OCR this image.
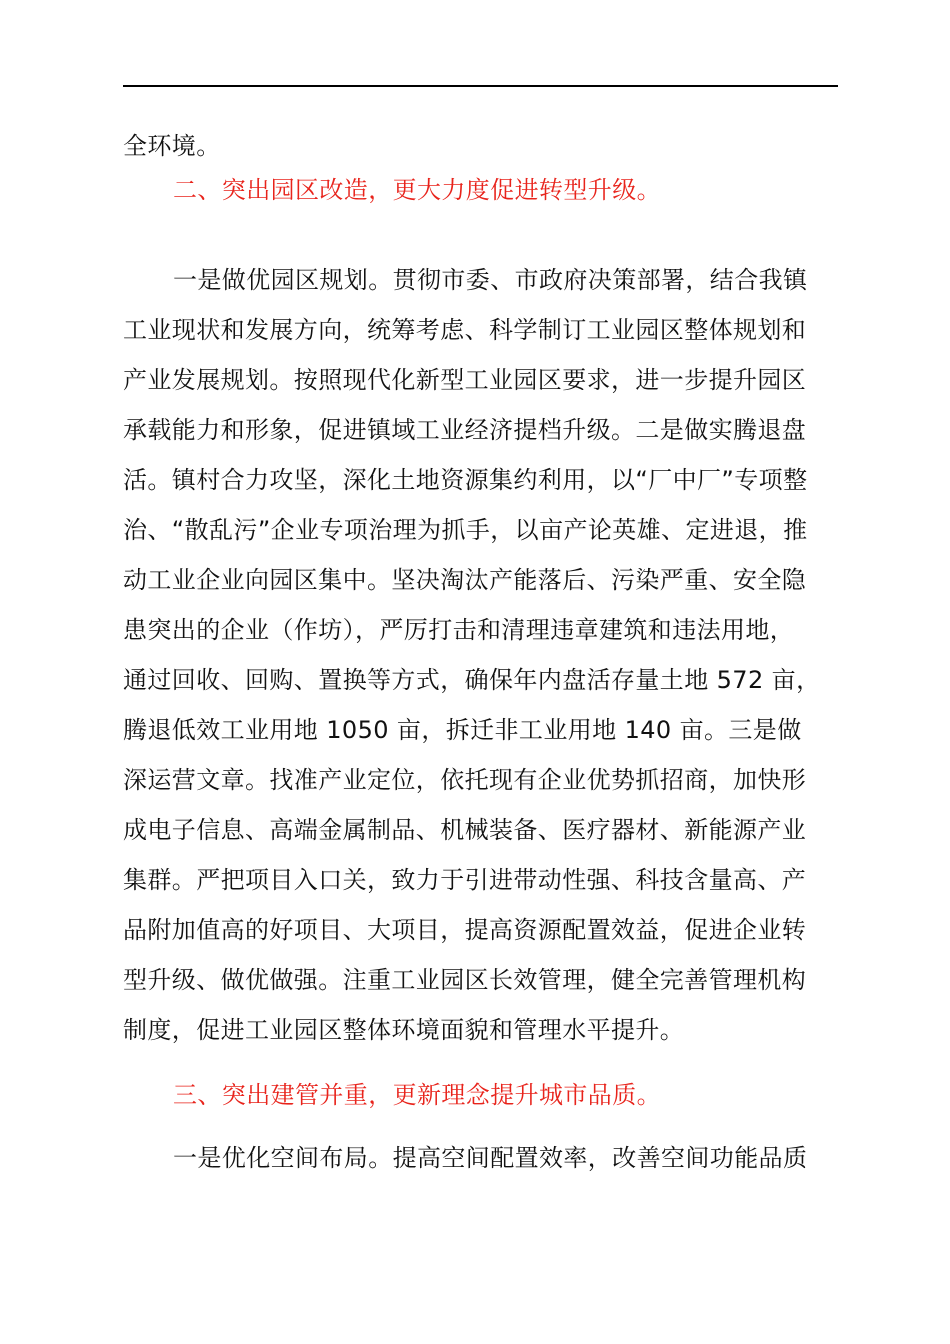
全环境。
二、突出园区改造，更大力度促进转型升级。
一是做优园区规划。贯彻市委、市政府决策部署，结合我镇
工业现状和发展方向，统筹考虑、科学制订工业园区整体规划和
产业发展规划。按照现代化新型工业园区要求，进一步提升园区
承载能力和形象，促进镇域工业经济提档升级。二是做实腾退盘
活。镇村合力攻坚，深化土地资源集约利用，以“厂中厂”专项整
治、“散乱污”企业专项治理为抓手，以亩产论英雄、定进退，推
动工业企业向园区集中。坚决淘汰产能落后、污染严重、安全隐
患突出的企业（作坊），严厉打击和清理违章建筑和违法用地，
通过回收、回购、置换等方式，确保年内盘活存量土地 572 亩，
腾退低效工业用地 1050 亩，拆迁非工业用地 140 亩。三是做
深运营文章。找准产业定位，依托现有企业优势抓招商，加快形
成电子信息、高端金属制品、机械装备、医疗器材、新能源产业
集群。严把项目入口关，致力于引进带动性强、科技含量高、产
品附加值高的好项目、大项目，提高资源配置效益，促进企业转
型升级、做优做强。注重工业园区长效管理，健全完善管理机构
制度，促进工业园区整体环境面貌和管理水平提升。
三、突出建管并重，更新理念提升城市品质。
一是优化空间布局。提高空间配置效率，改善空间功能品质
